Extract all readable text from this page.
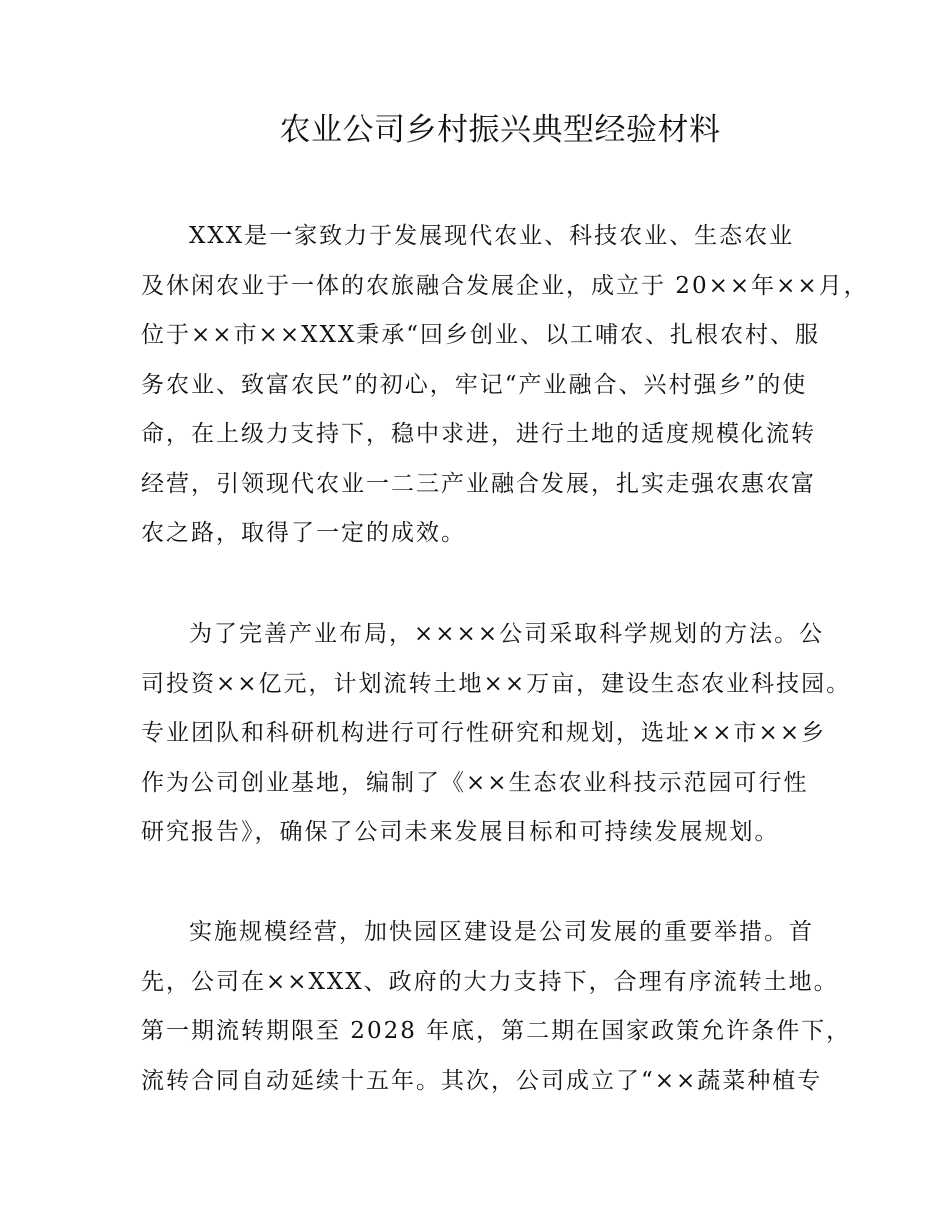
农业公司乡村振兴典型经验材料
XXX是一家致力于发展现代农业、科技农业、生态农业
及休闲农业于一体的农旅融合发展企业，成立于 20××年××月，
位于××市××XXX秉承“回乡创业、以工哺农、扎根农村、服
务农业、致富农民”的初心，牢记“产业融合、兴村强乡”的使
命，在上级力支持下，稳中求进，进行土地的适度规模化流转
经营，引领现代农业一二三产业融合发展，扎实走强农惠农富
农之路，取得了一定的成效。
为了完善产业布局，××××公司采取科学规划的方法。公
司投资××亿元，计划流转土地××万亩，建设生态农业科技园。
专业团队和科研机构进行可行性研究和规划，选址××市××乡
作为公司创业基地，编制了《××生态农业科技示范园可行性
研究报告》，确保了公司未来发展目标和可持续发展规划。
实施规模经营，加快园区建设是公司发展的重要举措。首
先，公司在××XXX、政府的大力支持下，合理有序流转土地。
第一期流转期限至 2028 年底，第二期在国家政策允许条件下，
流转合同自动延续十五年。其次，公司成立了“××蔬菜种植专
